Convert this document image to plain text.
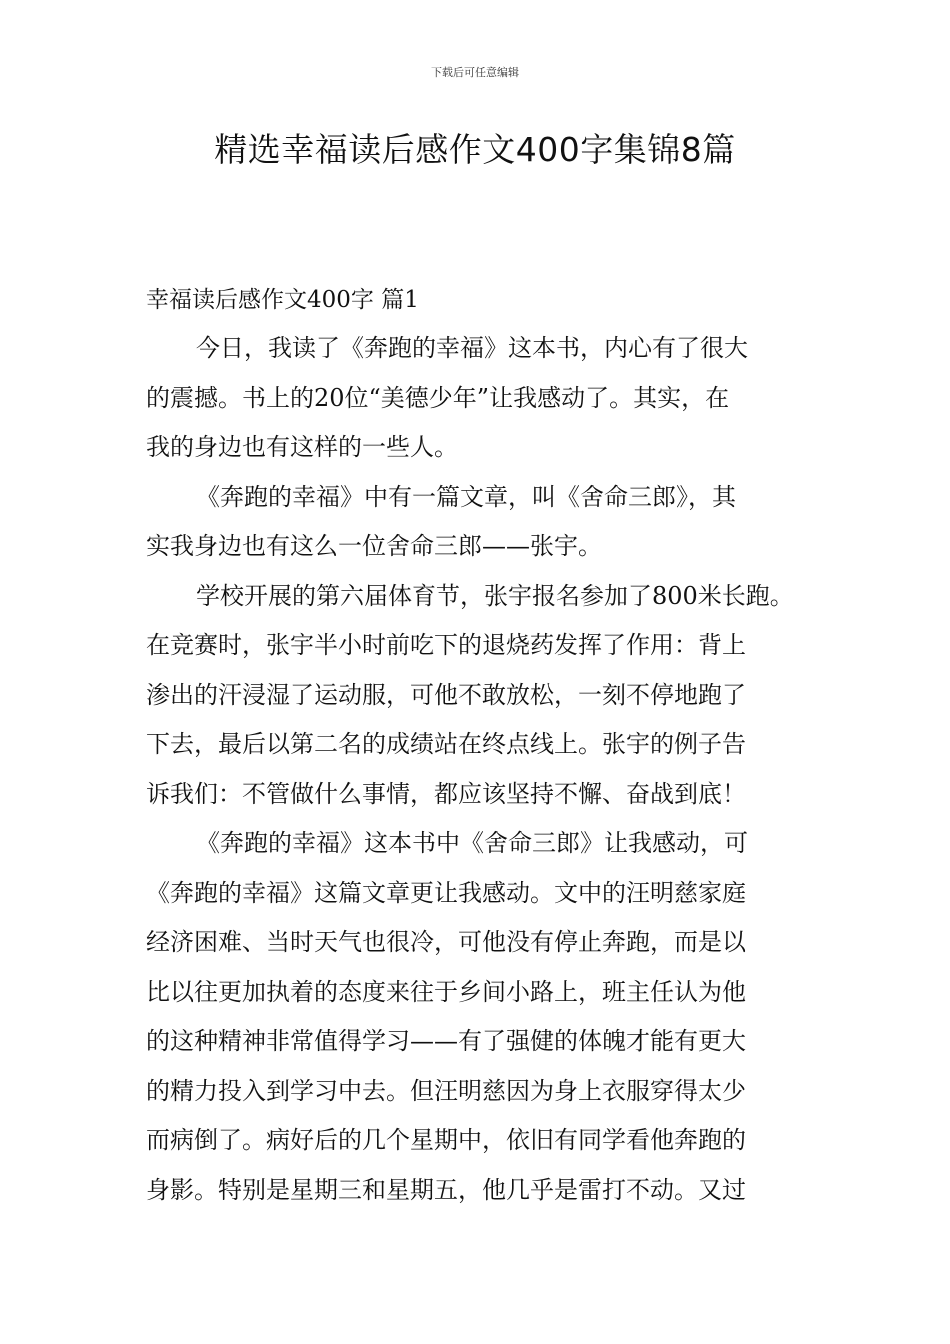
下载后可任意编辑
精选幸福读后感作文400字集锦8篇
幸福读后感作文400字 篇1
今日，我读了《奔跑的幸福》这本书，内心有了很大
的震撼。书上的20位“美德少年”让我感动了。其实，在
我的身边也有这样的一些人。
《奔跑的幸福》中有一篇文章，叫《舍命三郎》，其
实我身边也有这么一位舍命三郎——张宇。
学校开展的第六届体育节，张宇报名参加了800米长跑。
在竞赛时，张宇半小时前吃下的退烧药发挥了作用：背上
渗出的汗浸湿了运动服，可他不敢放松，一刻不停地跑了
下去，最后以第二名的成绩站在终点线上。张宇的例子告
诉我们：不管做什么事情，都应该坚持不懈、奋战到底！
《奔跑的幸福》这本书中《舍命三郎》让我感动，可
《奔跑的幸福》这篇文章更让我感动。文中的汪明慈家庭
经济困难、当时天气也很冷，可他没有停止奔跑，而是以
比以往更加执着的态度来往于乡间小路上，班主任认为他
的这种精神非常值得学习——有了强健的体魄才能有更大
的精力投入到学习中去。但汪明慈因为身上衣服穿得太少
而病倒了。病好后的几个星期中，依旧有同学看他奔跑的
身影。特别是星期三和星期五，他几乎是雷打不动。又过
